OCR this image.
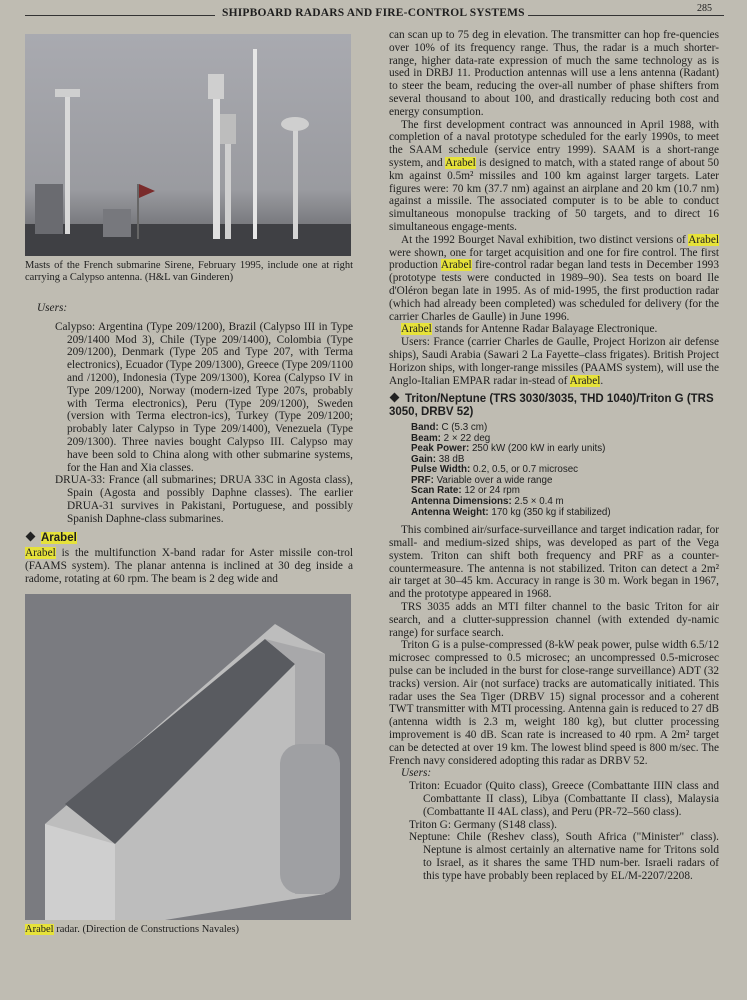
SHIPBOARD RADARS AND FIRE-CONTROL SYSTEMS	285

Masts of the French submarine Sirene, February 1995, include one at right carrying a Calypso antenna. (H&L van Ginderen)

Users:

Calypso: Argentina (Type 209/1200), Brazil (Calypso III in Type 209/1400 Mod 3), Chile (Type 209/1400), Colombia (Type 209/1200), Denmark (Type 205 and Type 207, with Terma electronics), Ecuador (Type 209/1300), Greece (Type 209/1100 and /1200), Indonesia (Type 209/1300), Korea (Calypso IV in Type 209/1200), Norway (modern-ized Type 207s, probably with Terma electronics), Peru (Type 209/1200), Sweden (version with Terma electron-ics), Turkey (Type 209/1200; probably later Calypso in Type 209/1400), Venezuela (Type 209/1300). Three navies bought Calypso III. Calypso may have been sold to China along with other submarine systems, for the Han and Xia classes.

DRUA-33: France (all submarines; DRUA 33C in Agosta class), Spain (Agosta and possibly Daphne classes). The earlier DRUA-31 survives in Pakistani, Portuguese, and possibly Spanish Daphne-class submarines.

Arabel

Arabel is the multifunction X-band radar for Aster missile con-trol (FAAMS system). The planar antenna is inclined at 30 deg inside a radome, rotating at 60 rpm. The beam is 2 deg wide and

Arabel radar. (Direction de Constructions Navales)

can scan up to 75 deg in elevation. The transmitter can hop fre-quencies over 10% of its frequency range. Thus, the radar is a much shorter-range, higher data-rate expression of much the same technology as is used in DRBJ 11. Production antennas will use a lens antenna (Radant) to steer the beam, reducing the over-all number of phase shifters from several thousand to about 100, and drastically reducing both cost and energy consumption.

The first development contract was announced in April 1988, with completion of a naval prototype scheduled for the early 1990s, to meet the SAAM schedule (service entry 1999). SAAM is a short-range system, and Arabel is designed to match, with a stated range of about 50 km against 0.5m² missiles and 100 km against larger targets. Later figures were: 70 km (37.7 nm) against an airplane and 20 km (10.7 nm) against a missile. The associated computer is to be able to conduct simultaneous monopulse tracking of 50 targets, and to direct 16 simultaneous engage-ments.

At the 1992 Bourget Naval exhibition, two distinct versions of Arabel were shown, one for target acquisition and one for fire control. The first production Arabel fire-control radar began land tests in December 1993 (prototype tests were conducted in 1989–90). Sea tests on board Ile d'Oléron began late in 1995. As of mid-1995, the first production radar (which had already been completed) was scheduled for delivery (for the carrier Charles de Gaulle) in June 1996.

Arabel stands for Antenne Radar Balayage Electronique.

Users: France (carrier Charles de Gaulle, Project Horizon air defense ships), Saudi Arabia (Sawari 2 La Fayette–class frigates). British Project Horizon ships, with longer-range missiles (PAAMS system), will use the Anglo-Italian EMPAR radar in-stead of Arabel.

Triton/Neptune (TRS 3030/3035, THD 1040)/Triton G (TRS 3050, DRBV 52)
Band: C (5.3 cm)
Beam: 2 × 22 deg
Peak Power: 250 kW (200 kW in early units)
Gain: 38 dB
Pulse Width: 0.2, 0.5, or 0.7 microsec
PRF: Variable over a wide range
Scan Rate: 12 or 24 rpm
Antenna Dimensions: 2.5 × 0.4 m
Antenna Weight: 170 kg (350 kg if stabilized)

This combined air/surface-surveillance and target indication radar, for small- and medium-sized ships, was developed as part of the Vega system. Triton can shift both frequency and PRF as a counter-countermeasure. The antenna is not stabilized. Triton can detect a 2m² air target at 30–45 km. Accuracy in range is 30 m. Work began in 1967, and the prototype appeared in 1968.

TRS 3035 adds an MTI filter channel to the basic Triton for air search, and a clutter-suppression channel (with extended dy-namic range) for surface search.

Triton G is a pulse-compressed (8-kW peak power, pulse width 6.5/12 microsec compressed to 0.5 microsec; an uncompressed 0.5-microsec pulse can be included in the burst for close-range surveillance) ADT (32 tracks) version. Air (not surface) tracks are automatically initiated. This radar uses the Sea Tiger (DRBV 15) signal processor and a coherent TWT transmitter with MTI processing. Antenna gain is reduced to 27 dB (antenna width is 2.3 m, weight 180 kg), but clutter processing improvement is 40 dB. Scan rate is increased to 40 rpm. A 2m² target can be detected at over 19 km. The lowest blind speed is 800 m/sec. The French navy considered adopting this radar as DRBV 52.

Users:

Triton: Ecuador (Quito class), Greece (Combattante IIIN class and Combattante II class), Libya (Combattante II class), Malaysia (Combattante II 4AL class), and Peru (PR-72–560 class).

Triton G: Germany (S148 class).

Neptune: Chile (Reshev class), South Africa ("Minister" class). Neptune is almost certainly an alternative name for Tritons sold to Israel, as it shares the same THD num-ber. Israeli radars of this type have probably been replaced by EL/M-2207/2208.
